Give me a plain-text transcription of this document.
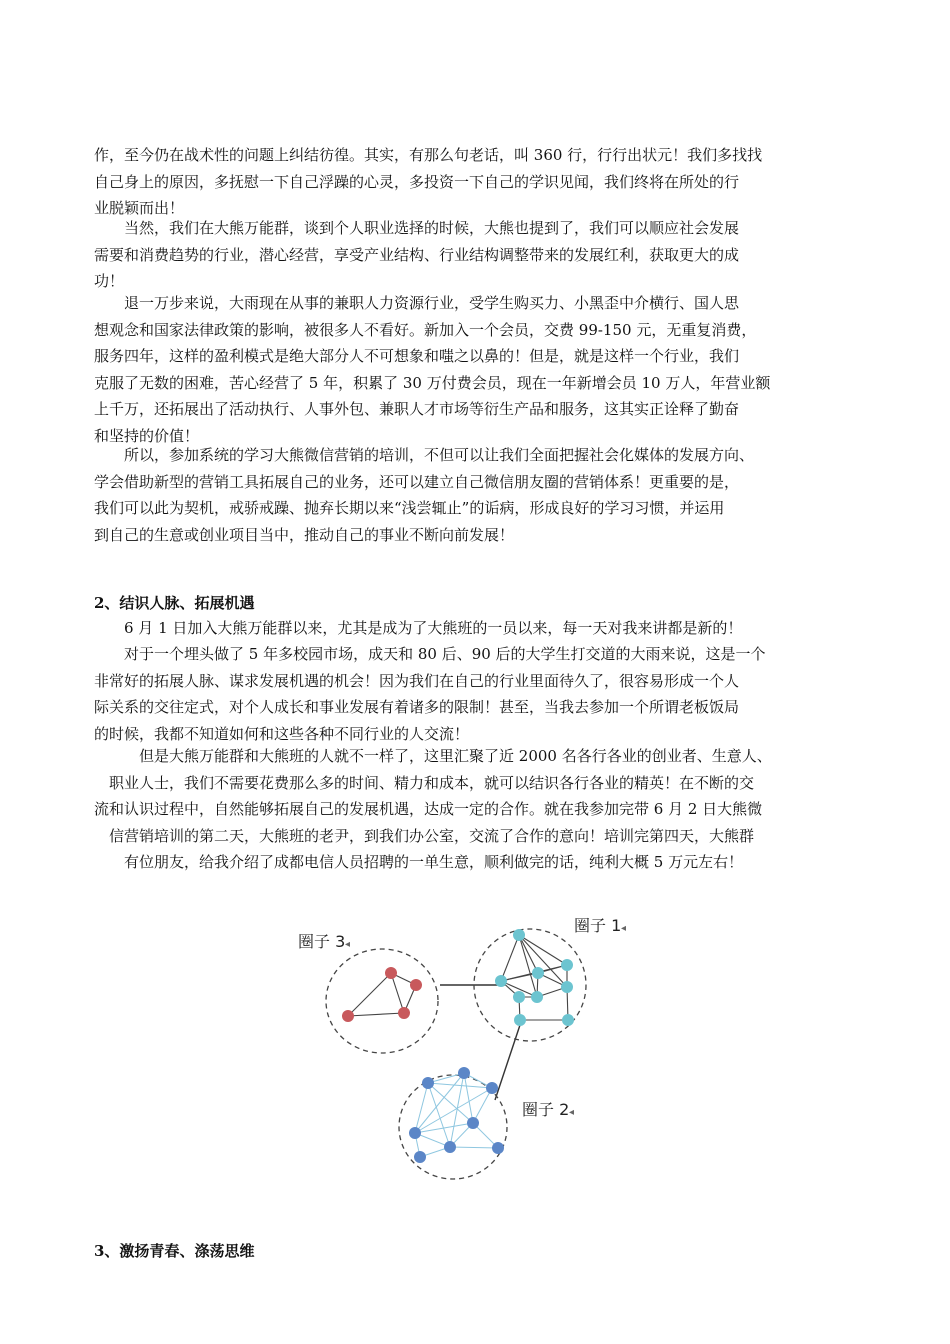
作，至今仍在战术性的问题上纠结彷徨。其实，有那么句老话，叫 360 行，行行出状元！我们多找找
自己身上的原因，多抚慰一下自己浮躁的心灵，多投资一下自己的学识见闻，我们终将在所处的行
业脱颖而出！
　　当然，我们在大熊万能群，谈到个人职业选择的时候，大熊也提到了，我们可以顺应社会发展
需要和消费趋势的行业，潜心经营，享受产业结构、行业结构调整带来的发展红利，获取更大的成
功！
　　退一万步来说，大雨现在从事的兼职人力资源行业，受学生购买力、小黑歪中介横行、国人思
想观念和国家法律政策的影响，被很多人不看好。新加入一个会员，交费 99-150 元，无重复消费，
服务四年，这样的盈利模式是绝大部分人不可想象和嗤之以鼻的！但是，就是这样一个行业，我们
克服了无数的困难，苦心经营了 5 年，积累了 30 万付费会员，现在一年新增会员 10 万人，年营业额
上千万，还拓展出了活动执行、人事外包、兼职人才市场等衍生产品和服务，这其实正诠释了勤奋
和坚持的价值！
　　所以，参加系统的学习大熊微信营销的培训，不但可以让我们全面把握社会化媒体的发展方向、
学会借助新型的营销工具拓展自己的业务，还可以建立自己微信朋友圈的营销体系！更重要的是，
我们可以此为契机，戒骄戒躁、抛弃长期以来“浅尝辄止”的诟病，形成良好的学习习惯，并运用
到自己的生意或创业项目当中，推动自己的事业不断向前发展！
2、结识人脉、拓展机遇
　　6 月 1 日加入大熊万能群以来，尤其是成为了大熊班的一员以来，每一天对我来讲都是新的！
　　对于一个埋头做了 5 年多校园市场，成天和 80 后、90 后的大学生打交道的大雨来说，这是一个
非常好的拓展人脉、谋求发展机遇的机会！因为我们在自己的行业里面待久了，很容易形成一个人
际关系的交往定式，对个人成长和事业发展有着诸多的限制！甚至，当我去参加一个所谓老板饭局
的时候，我都不知道如何和这些各种不同行业的人交流！
　　　但是大熊万能群和大熊班的人就不一样了，这里汇聚了近 2000 名各行各业的创业者、生意人、
　职业人士，我们不需要花费那么多的时间、精力和成本，就可以结识各行各业的精英！在不断的交
流和认识过程中，自然能够拓展自己的发展机遇，达成一定的合作。就在我参加完带 6 月 2 日大熊微
　信营销培训的第二天，大熊班的老尹，到我们办公室，交流了合作的意向！培训完第四天，大熊群
　　有位朋友，给我介绍了成都电信人员招聘的一单生意，顺利做完的话，纯利大概 5 万元左右！
圈子 3 ◂
圈子 1 ◂
圈子 2 ◂
3、激扬青春、涤荡思维
